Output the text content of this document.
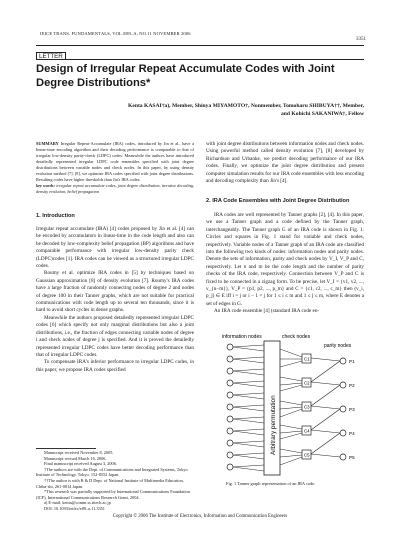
IEICE TRANS. FUNDAMENTALS, VOL.E89–A, NO.11 NOVEMBER 2006
3351
LETTER
Design of Irregular Repeat Accumulate Codes with Joint Degree Distributions*
Kenta KASAI†a), Member, Shinya MIYAMOTO†, Nonmember, Tomoharu SHIBUYA††, Member,
and Kohichi SAKANIWA†, Fellow
SUMMARY Irregular Repeat-Accumulate (IRA) codes, introduced by Jin et al., have a linear-time encoding algorithm and their decoding performance is comparable to that of irregular low-density parity-check (LDPC) codes. Meanwhile the authors have introduced detailedly represented irregular LDPC code ensembles specified with joint degree distributions between variable nodes and check nodes. In this paper, by using density evolution method [7], [8], we optimize IRA codes specified with joint degree distributions. Resulting codes have higher thresholds than Jin's IRA codes.
key words: irregular repeat accumulate codes, joint degree distribution, iterative decoding, density evolution, belief propagation
1. Introduction

Irregular repeat accumulate (IRA) [4] codes proposed by Jin et al. [4] can be encoded by accumulators in linear-time in the code length and also can be decoded by low-complexity belief propagation (BP) algorithms and have comparable performance with irregular low-density parity check (LDPC)codes [1]. IRA codes can be viewed as a structured irregular LDPC codes.

Roumy et al. optimize IRA codes in [5] by techniques based on Gaussian approximation [8] of density evolution [7]. Roumy's IRA codes have a large fraction of randomly connecting nodes of degree 2 and nodes of degree 100 in their Tanner graphs, which are not suitable for practical communications with code length up to several ten thousands, since it is hard to avoid short cycles in dense graphs.

Meanwhile the authors proposed detailedly represented irregular LDPC codes [6] which specify not only marginal distributions but also a joint distributions, i.e., the fraction of edges connecting variable nodes of degree i and check nodes of degree j is specified. And it is proved the detailedly represented irregular LDPC codes have better decoding performance than that of irregular LDPC codes.

To compensate IRA's inferior performance to irregular LDPC codes, in this paper, we propose IRA codes specified

Manuscript received November 8, 2005.

Manuscript revised March 16, 2006.

Final manuscript received August 3, 2006.

†The authors are with the Dept. of Communications and Integrated Systems, Tokyo Institute of Technology, Tokyo, 152-8552 Japan.

††The author is with R & D Dept. of National Institute of Multimedia Education, Chiba-shi, 261-0014 Japan.

*This research was partially supported by International Communications Foundation (ICF), International Communications Research Grant, 2004.

a) E-mail: kenta@comm.ss.titech.ac.jp

DOI: 10.1093/ietfec/e89–a.11.3351

with joint degree distributions between information nodes and check nodes. Using powerful method called density evolution [7], [8] developed by Richardson and Urbanke, we predict decoding performance of our IRA codes. Finally, we optimize the joint degree distribution and present computer simulation results for our IRA code ensembles with less encoding and decoding complexity than Jin's [4].
2. IRA Code Ensembles with Joint Degree Distribution

IRA codes are well represented by Tanner graphs [2], [4]. In this paper, we use a Tanner graph and a code defined by the Tanner graph, interchangeably. The Tanner graph G of an IRA code is shown in Fig. 1. Circles and squares in Fig. 1 stand for variable and check nodes, respectively. Variable nodes of a Tanner graph of an IRA code are classified into the following two kinds of nodes: information nodes and parity nodes. Denote the sets of information, parity and check nodes by V_I, V_P and C, respectively. Let n and m be the code length and the number of parity checks of the IRA code, respectively. Connection between V_P and C is fixed to be connected in a zigzag form. To be precise, let V_I = {v1, v2, ..., v_{n−m}}, V_P = {p1, p2, ..., p_m} and C = {c1, c2, ..., c_m} then (v_i, p_j) ∈ E iff i = j or i − 1 = j for 1 ≤ i ≤ m and 1 ≤ j ≤ m, where E denotes a set of edges in G.

An IRA code ensemble [4] (standard IRA code en-

information nodes	check nodes
parity nodes
Arbitrary permutation
C1
C2
C3
C4
C5
P1
P2
P3
P4
P5
Fig. 1 Tanner graph representation of an IRA code.
Copyright © 2006 The Institute of Electronics, Information and Communication Engineers
